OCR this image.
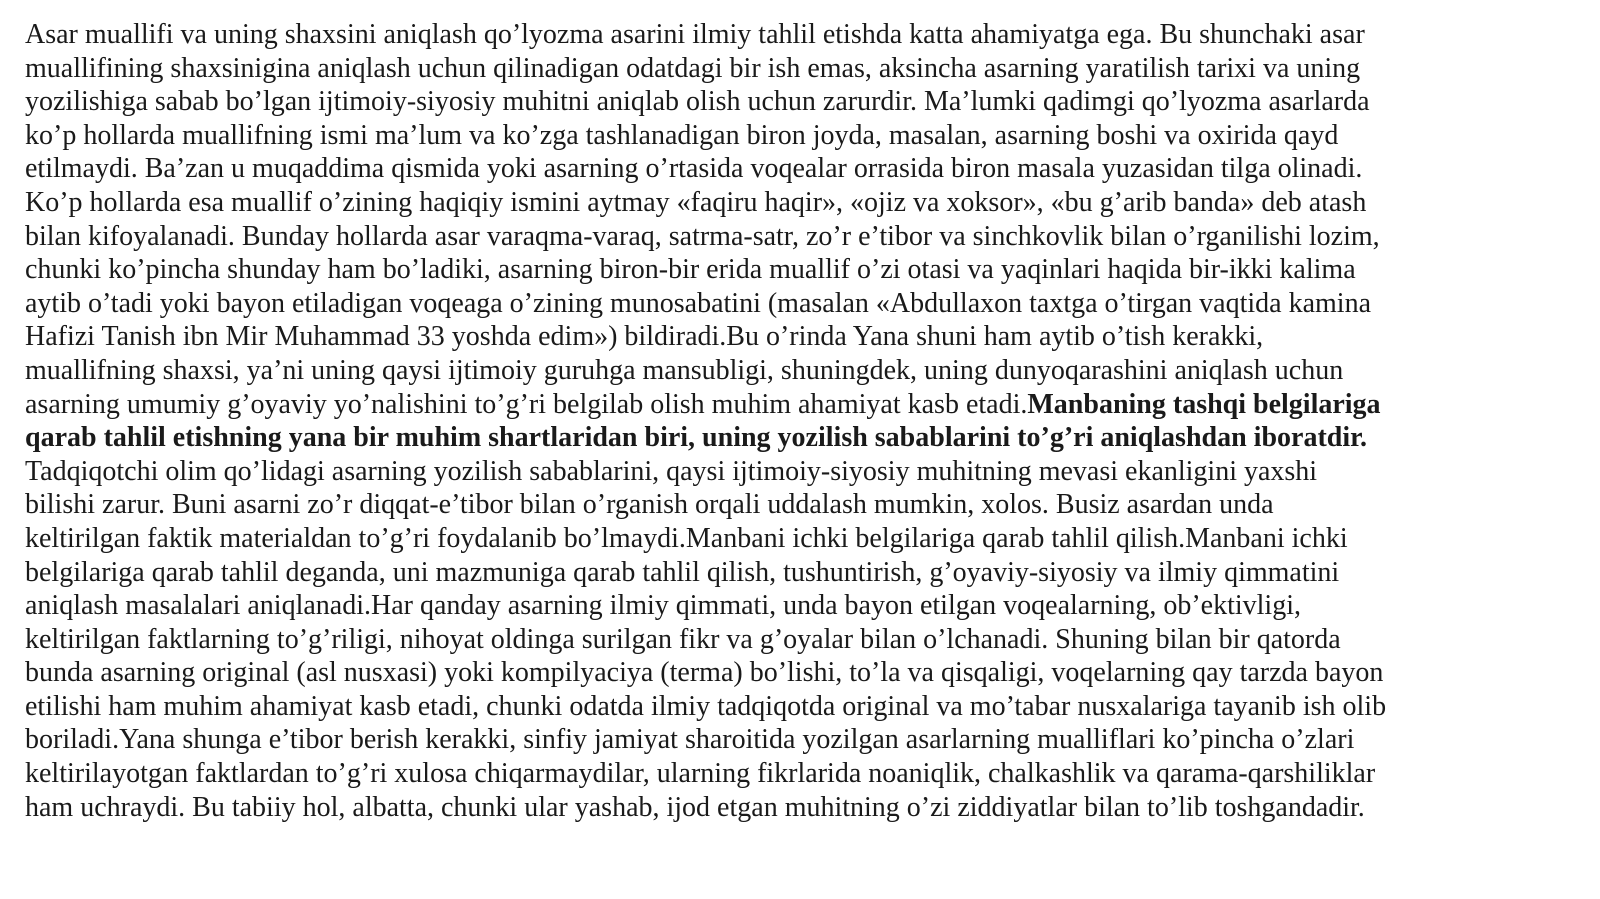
Asar muallifi va uning shaxsini aniqlash qo’lyozma asarini ilmiy tahlil etishda katta ahamiyatga ega. Bu shunchaki asar
muallifining shaxsinigina aniqlash uchun qilinadigan odatdagi bir ish emas, aksincha asarning yaratilish tarixi va uning
yozilishiga sabab bo’lgan ijtimoiy-siyosiy muhitni aniqlab olish uchun zarurdir. Ma’lumki qadimgi qo’lyozma asarlarda
ko’p hollarda muallifning ismi ma’lum va ko’zga tashlanadigan biron joyda, masalan, asarning boshi va oxirida qayd
etilmaydi. Ba’zan u muqaddima qismida yoki asarning o’rtasida voqealar orrasida biron masala yuzasidan tilga olinadi.
Ko’p hollarda esa muallif o’zining haqiqiy ismini aytmay «faqiru haqir», «ojiz va xoksor», «bu g’arib banda» deb atash
bilan kifoyalanadi. Bunday hollarda asar varaqma-varaq, satrma-satr, zo’r e’tibor va sinchkovlik bilan o’rganilishi lozim,
chunki ko’pincha shunday ham bo’ladiki, asarning biron-bir erida muallif o’zi otasi va yaqinlari haqida bir-ikki kalima
aytib o’tadi yoki bayon etiladigan voqeaga o’zining munosabatini (masalan «Abdullaxon taxtga o’tirgan vaqtida kamina
Hafizi Tanish ibn Mir Muhammad 33 yoshda edim») bildiradi.Bu o’rinda Yana shuni ham aytib o’tish kerakki,
muallifning shaxsi, ya’ni uning qaysi ijtimoiy guruhga mansubligi, shuningdek, uning dunyoqarashini aniqlash uchun
asarning umumiy g’oyaviy yo’nalishini to’g’ri belgilab olish muhim ahamiyat kasb etadi.Manbaning tashqi belgilariga
qarab tahlil etishning yana bir muhim shartlaridan biri, uning yozilish sabablarini to’g’ri aniqlashdan iboratdir.
Tadqiqotchi olim qo’lidagi asarning yozilish sabablarini, qaysi ijtimoiy-siyosiy muhitning mevasi ekanligini yaxshi
bilishi zarur. Buni asarni zo’r diqqat-e’tibor bilan o’rganish orqali uddalash mumkin, xolos. Busiz asardan unda
keltirilgan faktik materialdan to’g’ri foydalanib bo’lmaydi.Manbani ichki belgilariga qarab tahlil qilish.Manbani ichki
belgilariga qarab tahlil deganda, uni mazmuniga qarab tahlil qilish, tushuntirish, g’oyaviy-siyosiy va ilmiy qimmatini
aniqlash masalalari aniqlanadi.Har qanday asarning ilmiy qimmati, unda bayon etilgan voqealarning, ob’ektivligi,
keltirilgan faktlarning to’g’riligi, nihoyat oldinga surilgan fikr va g’oyalar bilan o’lchanadi. Shuning bilan bir qatorda
bunda asarning original (asl nusxasi) yoki kompilyaciya (terma) bo’lishi, to’la va qisqaligi, voqelarning qay tarzda bayon
etilishi ham muhim ahamiyat kasb etadi, chunki odatda ilmiy tadqiqotda original va mo’tabar nusxalariga tayanib ish olib
boriladi.Yana shunga e’tibor berish kerakki, sinfiy jamiyat sharoitida yozilgan asarlarning mualliflari ko’pincha o’zlari
keltirilayotgan faktlardan to’g’ri xulosa chiqarmaydilar, ularning fikrlarida noaniqlik, chalkashlik va qarama-qarshiliklar
ham uchraydi. Bu tabiiy hol, albatta, chunki ular yashab, ijod etgan muhitning o’zi ziddiyatlar bilan to’lib toshgandadir.
